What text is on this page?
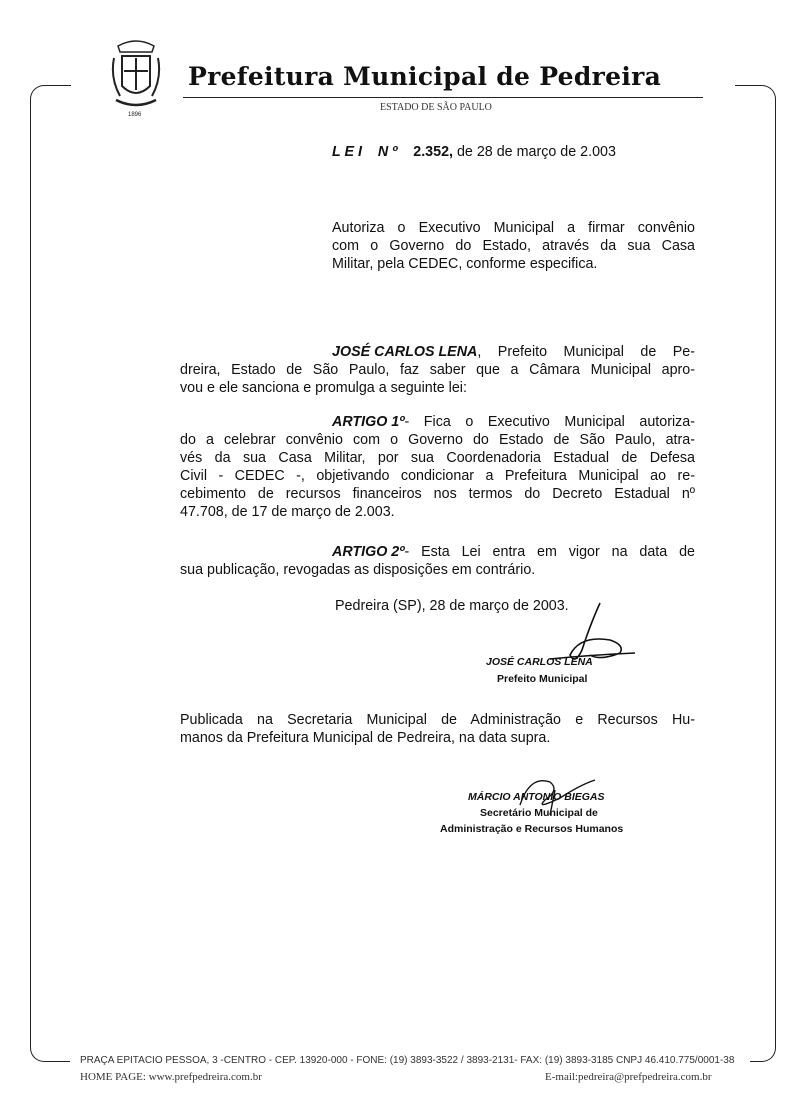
1896
Prefeitura Municipal de Pedreira
ESTADO DE SÃO PAULO
L E I N º 2.352, de 28 de março de 2.003
Autoriza o Executivo Municipal a firmar convênio
com o Governo do Estado, através da sua Casa
Militar, pela CEDEC, conforme especifica.
JOSÉ CARLOS LENA , Prefeito Municipal de Pe-
dreira, Estado de São Paulo, faz saber que a Câmara Municipal apro-
vou e ele sanciona e promulga a seguinte lei:
ARTIGO 1º - Fica o Executivo Municipal autoriza-
do a celebrar convênio com o Governo do Estado de São Paulo, atra-
vés da sua Casa Militar, por sua Coordenadoria Estadual de Defesa
Civil - CEDEC -, objetivando condicionar a Prefeitura Municipal ao re-
cebimento de recursos financeiros nos termos do Decreto Estadual nº
47.708, de 17 de março de 2.003.
ARTIGO 2º - Esta Lei entra em vigor na data de
sua publicação, revogadas as disposições em contrário.
Pedreira (SP), 28 de março de 2003.
JOSÉ CARLOS LENA
Prefeito Municipal
Publicada na Secretaria Municipal de Administração e Recursos Hu-
manos da Prefeitura Municipal de Pedreira, na data supra.
MÁRCIO ANTONIO BIEGAS
Secretário Municipal de
Administração e Recursos Humanos
PRAÇA EPITACIO PESSOA, 3 -CENTRO - CEP. 13920-000 - FONE: (19) 3893-3522 / 3893-2131- FAX: (19) 3893-3185 CNPJ 46.410.775/0001-38
HOME PAGE: www.prefpedreira.com.br	E-mail:pedreira@prefpedreira.com.br
